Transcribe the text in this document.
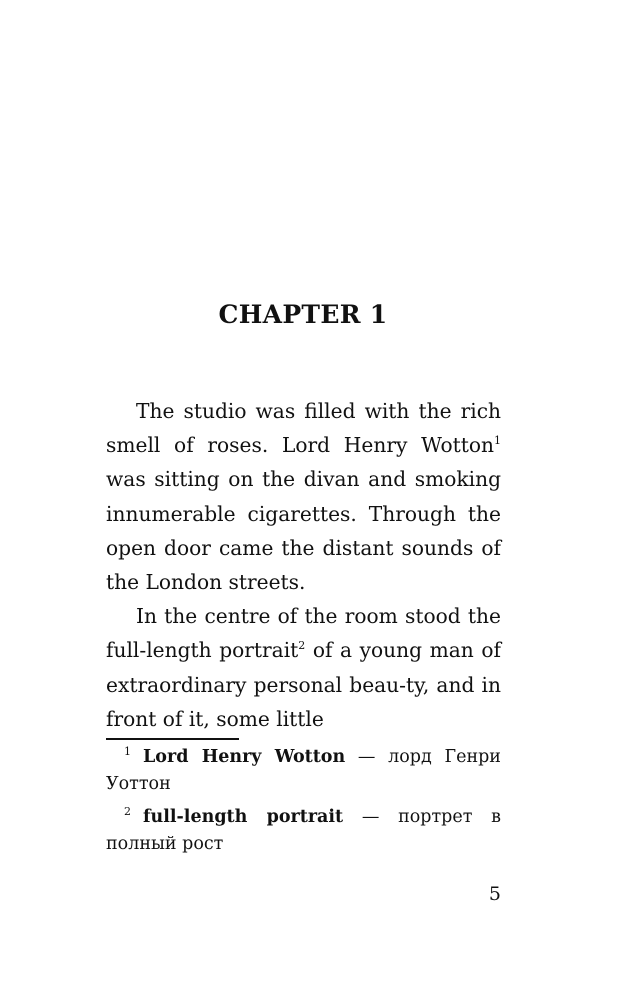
CHAPTER 1

The studio was filled with the rich smell of roses. Lord Henry Wotton$^1$ was sitting on the divan and smoking innumerable cigarettes. Through the open door came the distant sounds of the London streets.

In the centre of the room stood the full-length portrait$^2$ of a young man of extraordinary personal beau-ty, and in front of it, some little

1 Lord Henry Wotton — лорд Генри Уоттон

2 full-length portrait — портрет в полный рост

5
